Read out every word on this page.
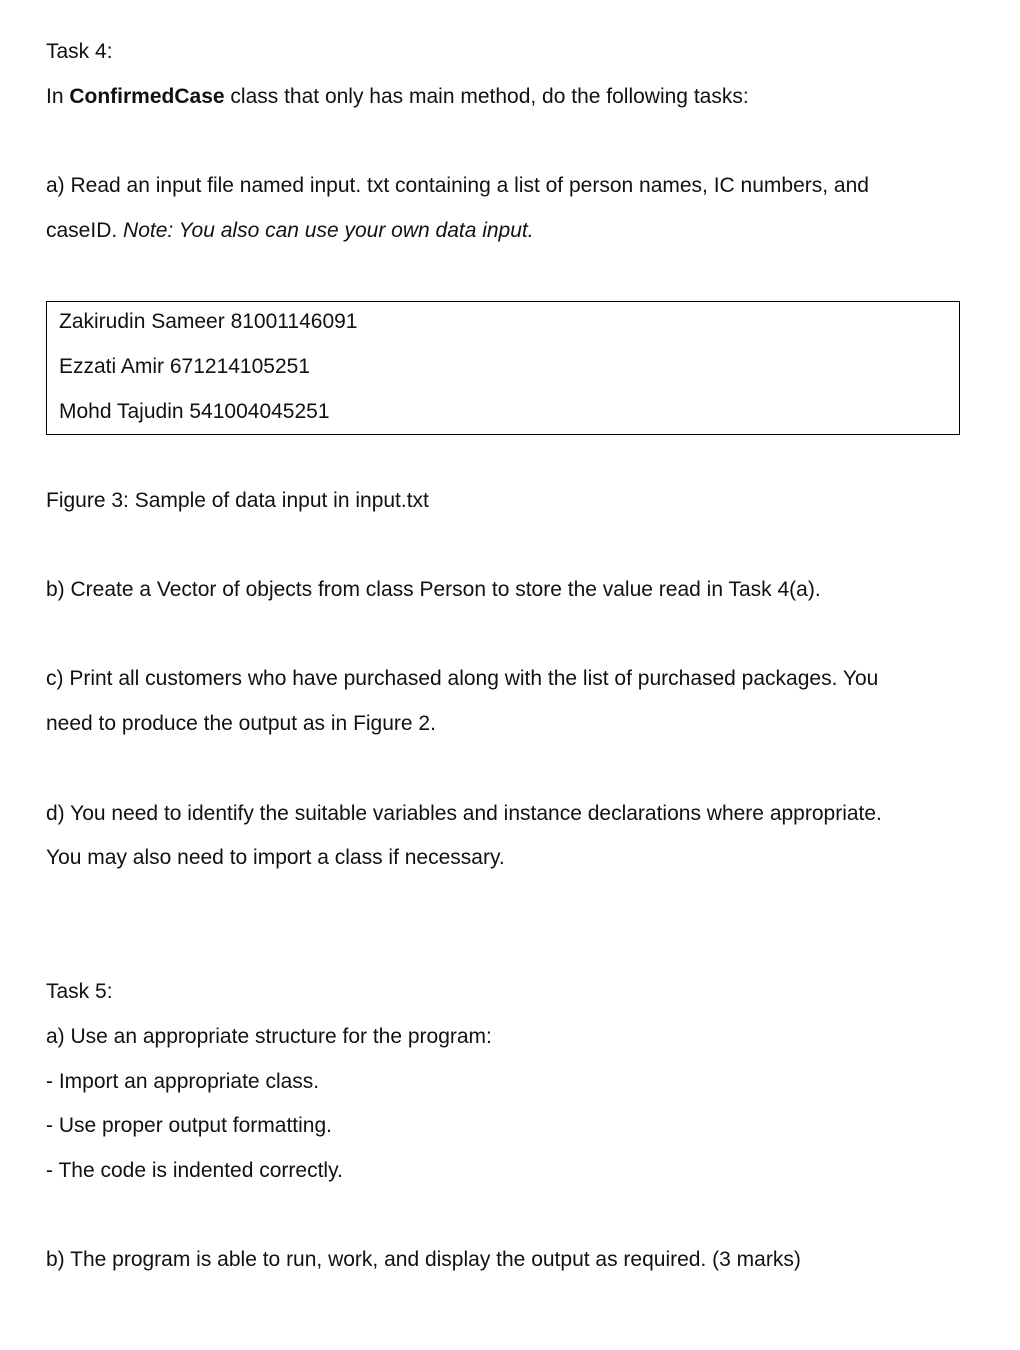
Task 4:
In ConfirmedCase class that only has main method, do the following tasks:
a) Read an input file named input. txt containing a list of person names, IC numbers, and
caseID. Note: You also can use your own data input.
Zakirudin Sameer 81001146091
Ezzati Amir 671214105251
Mohd Tajudin 541004045251
Figure 3: Sample of data input in input.txt
b) Create a Vector of objects from class Person to store the value read in Task 4(a).
c) Print all customers who have purchased along with the list of purchased packages. You
need to produce the output as in Figure 2.
d) You need to identify the suitable variables and instance declarations where appropriate.
You may also need to import a class if necessary.
Task 5:
a) Use an appropriate structure for the program:
- Import an appropriate class.
- Use proper output formatting.
- The code is indented correctly.
b) The program is able to run, work, and display the output as required. (3 marks)
